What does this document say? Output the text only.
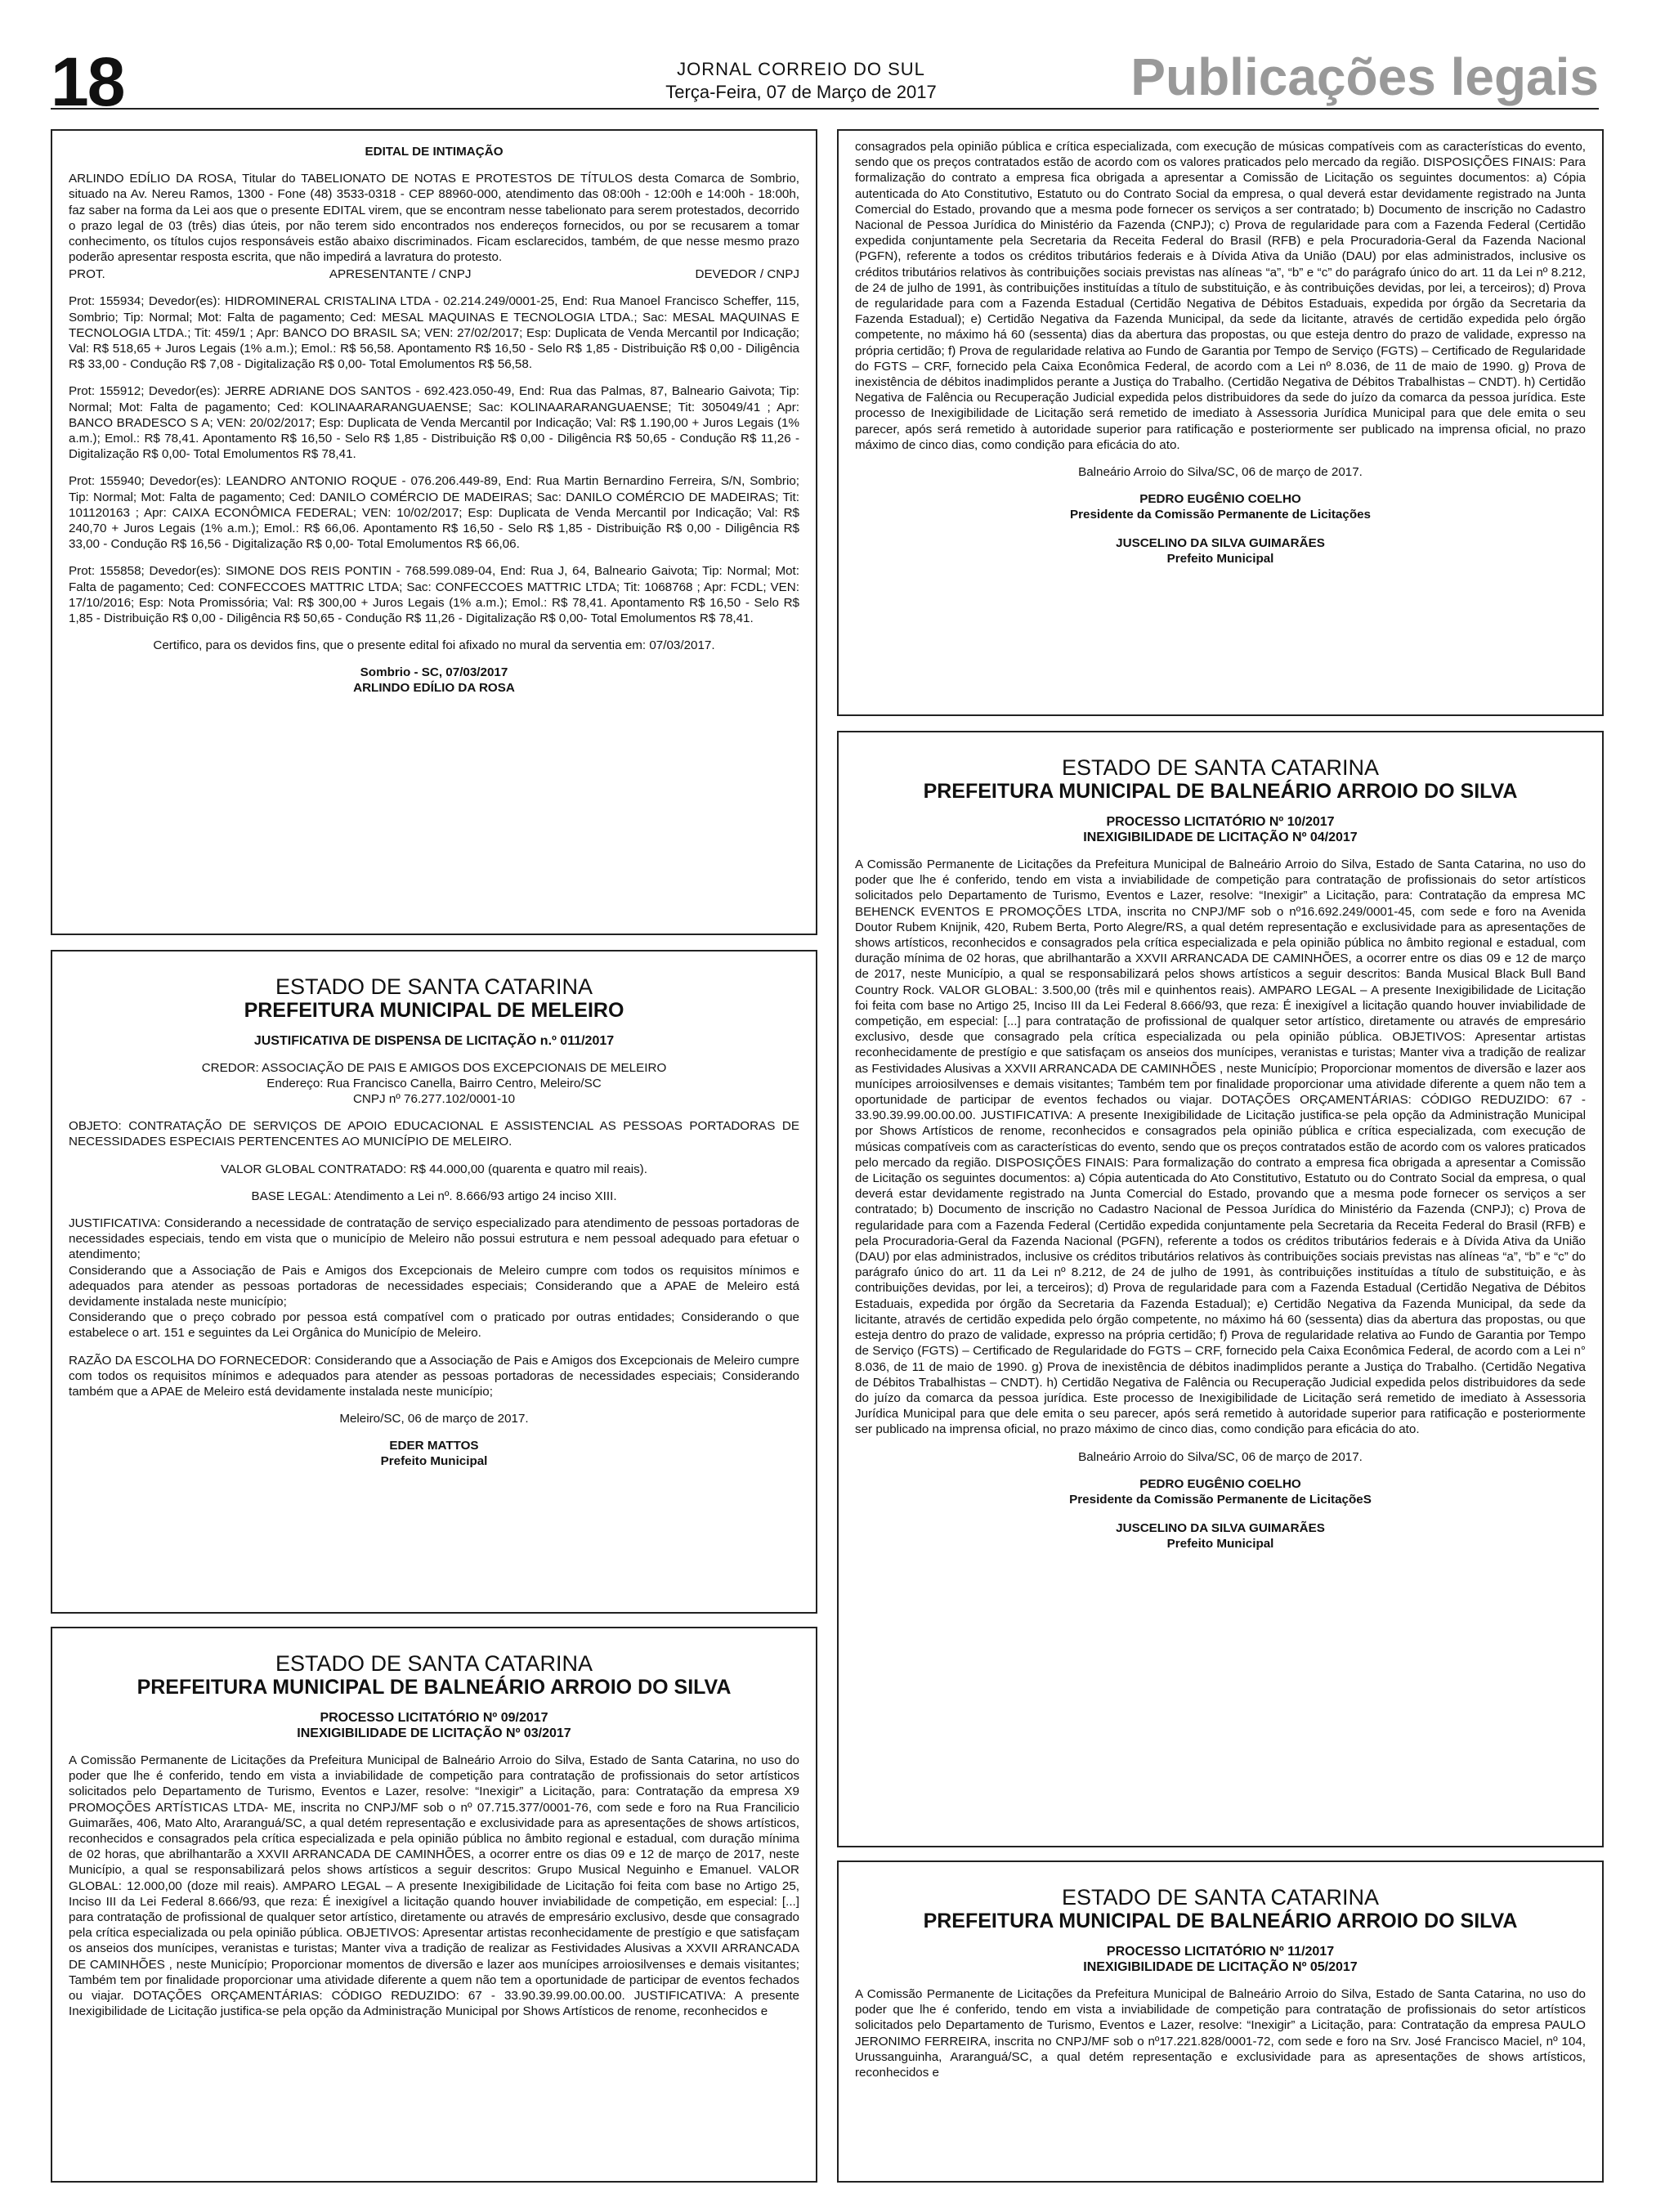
18	JORNAL CORREIO DO SUL
Terça-Feira, 07 de Março de 2017	Publicações legais

EDITAL DE INTIMAÇÃO

ARLINDO EDÍLIO DA ROSA, Titular do TABELIONATO DE NOTAS E PROTESTOS DE TÍTULOS desta Comarca de Sombrio, situado na Av. Nereu Ramos, 1300 - Fone (48) 3533-0318 - CEP 88960-000, atendimento das 08:00h - 12:00h e 14:00h - 18:00h, faz saber na forma da Lei aos que o presente EDITAL virem, que se encontram nesse tabelionato para serem protestados, decorrido o prazo legal de 03 (três) dias úteis, por não terem sido encontrados nos endereços fornecidos, ou por se recusarem a tomar conhecimento, os títulos cujos responsáveis estão abaixo discriminados. Ficam esclarecidos, também, de que nesse mesmo prazo poderão apresentar resposta escrita, que não impedirá a lavratura do protesto.

PROT.	APRESENTANTE / CNPJ	DEVEDOR / CNPJ

Prot: 155934; Devedor(es): HIDROMINERAL CRISTALINA LTDA - 02.214.249/0001-25, End: Rua Manoel Francisco Scheffer, 115, Sombrio; Tip: Normal; Mot: Falta de pagamento; Ced: MESAL MAQUINAS E TECNOLOGIA LTDA.; Sac: MESAL MAQUINAS E TECNOLOGIA LTDA.; Tit: 459/1 ; Apr: BANCO DO BRASIL SA; VEN: 27/02/2017; Esp: Duplicata de Venda Mercantil por Indicação; Val: R$ 518,65 + Juros Legais (1% a.m.); Emol.: R$ 56,58. Apontamento R$ 16,50 - Selo R$ 1,85 - Distribuição R$ 0,00 - Diligência R$ 33,00 - Condução R$ 7,08 - Digitalização R$ 0,00- Total Emolumentos R$ 56,58.

Prot: 155912; Devedor(es): JERRE ADRIANE DOS SANTOS - 692.423.050-49, End: Rua das Palmas, 87, Balneario Gaivota; Tip: Normal; Mot: Falta de pagamento; Ced: KOLINAARARANGUAENSE; Sac: KOLINAARARANGUAENSE; Tit: 305049/41 ; Apr: BANCO BRADESCO S A; VEN: 20/02/2017; Esp: Duplicata de Venda Mercantil por Indicação; Val: R$ 1.190,00 + Juros Legais (1% a.m.); Emol.: R$ 78,41. Apontamento R$ 16,50 - Selo R$ 1,85 - Distribuição R$ 0,00 - Diligência R$ 50,65 - Condução R$ 11,26 - Digitalização R$ 0,00- Total Emolumentos R$ 78,41.

Prot: 155940; Devedor(es): LEANDRO ANTONIO ROQUE - 076.206.449-89, End: Rua Martin Bernardino Ferreira, S/N, Sombrio; Tip: Normal; Mot: Falta de pagamento; Ced: DANILO COMÉRCIO DE MADEIRAS; Sac: DANILO COMÉRCIO DE MADEIRAS; Tit: 101120163 ; Apr: CAIXA ECONÔMICA FEDERAL; VEN: 10/02/2017; Esp: Duplicata de Venda Mercantil por Indicação; Val: R$ 240,70 + Juros Legais (1% a.m.); Emol.: R$ 66,06. Apontamento R$ 16,50 - Selo R$ 1,85 - Distribuição R$ 0,00 - Diligência R$ 33,00 - Condução R$ 16,56 - Digitalização R$ 0,00- Total Emolumentos R$ 66,06.

Prot: 155858; Devedor(es): SIMONE DOS REIS PONTIN - 768.599.089-04, End: Rua J, 64, Balneario Gaivota; Tip: Normal; Mot: Falta de pagamento; Ced: CONFECCOES MATTRIC LTDA; Sac: CONFECCOES MATTRIC LTDA; Tit: 1068768 ; Apr: FCDL; VEN: 17/10/2016; Esp: Nota Promissória; Val: R$ 300,00 + Juros Legais (1% a.m.); Emol.: R$ 78,41. Apontamento R$ 16,50 - Selo R$ 1,85 - Distribuição R$ 0,00 - Diligência R$ 50,65 - Condução R$ 11,26 - Digitalização R$ 0,00- Total Emolumentos R$ 78,41.

Certifico, para os devidos fins, que o presente edital foi afixado no mural da serventia em: 07/03/2017.

Sombrio - SC, 07/03/2017
ARLINDO EDÍLIO DA ROSA
ESTADO DE SANTA CATARINA
PREFEITURA MUNICIPAL DE MELEIRO
JUSTIFICATIVA DE DISPENSA DE LICITAÇÃO n.º 011/2017
CREDOR: ASSOCIAÇÃO DE PAIS E AMIGOS DOS EXCEPCIONAIS DE MELEIRO
Endereço: Rua Francisco Canella, Bairro Centro, Meleiro/SC

CNPJ nº 76.277.102/0001-10

OBJETO: CONTRATAÇÃO DE SERVIÇOS DE APOIO EDUCACIONAL E ASSISTENCIAL AS PESSOAS PORTADORAS DE NECESSIDADES ESPECIAIS PERTENCENTES AO MUNICÍPIO DE MELEIRO.

VALOR GLOBAL CONTRATADO: R$ 44.000,00 (quarenta e quatro mil reais).

BASE LEGAL: Atendimento a Lei nº. 8.666/93 artigo 24 inciso XIII.

JUSTIFICATIVA: Considerando a necessidade de contratação de serviço especializado para atendimento de pessoas portadoras de necessidades especiais, tendo em vista que o município de Meleiro não possui estrutura e nem pessoal adequado para efetuar o atendimento;

Considerando que a Associação de Pais e Amigos dos Excepcionais de Meleiro cumpre com todos os requisitos mínimos e adequados para atender as pessoas portadoras de necessidades especiais; Considerando que a APAE de Meleiro está devidamente instalada neste município;

Considerando que o preço cobrado por pessoa está compatível com o praticado por outras entidades; Considerando o que estabelece o art. 151 e seguintes da Lei Orgânica do Município de Meleiro.

RAZÃO DA ESCOLHA DO FORNECEDOR: Considerando que a Associação de Pais e Amigos dos Excepcionais de Meleiro cumpre com todos os requisitos mínimos e adequados para atender as pessoas portadoras de necessidades especiais; Considerando também que a APAE de Meleiro está devidamente instalada neste município;

Meleiro/SC, 06 de março de 2017.

EDER MATTOS
Prefeito Municipal
ESTADO DE SANTA CATARINA
PREFEITURA MUNICIPAL DE BALNEÁRIO ARROIO DO SILVA
PROCESSO LICITATÓRIO Nº 09/2017
INEXIGIBILIDADE DE LICITAÇÃO Nº 03/2017

A Comissão Permanente de Licitações da Prefeitura Municipal de Balneário Arroio do Silva, Estado de Santa Catarina, no uso do poder que lhe é conferido, tendo em vista a inviabilidade de competição para contratação de profissionais do setor artísticos solicitados pelo Departamento de Turismo, Eventos e Lazer, resolve: “Inexigir” a Licitação, para: Contratação da empresa X9 PROMOÇÕES ARTÍSTICAS LTDA- ME, inscrita no CNPJ/MF sob o nº 07.715.377/0001-76, com sede e foro na Rua Francilicio Guimarães, 406, Mato Alto, Araranguá/SC, a qual detém representação e exclusividade para as apresentações de shows artísticos, reconhecidos e consagrados pela crítica especializada e pela opinião pública no âmbito regional e estadual, com duração mínima de 02 horas, que abrilhantarão a XXVII ARRANCADA DE CAMINHÕES, a ocorrer entre os dias 09 e 12 de março de 2017, neste Município, a qual se responsabilizará pelos shows artísticos a seguir descritos: Grupo Musical Neguinho e Emanuel. VALOR GLOBAL: 12.000,00 (doze mil reais). AMPARO LEGAL – A presente Inexigibilidade de Licitação foi feita com base no Artigo 25, Inciso III da Lei Federal 8.666/93, que reza: É inexigível a licitação quando houver inviabilidade de competição, em especial: [...] para contratação de profissional de qualquer setor artístico, diretamente ou através de empresário exclusivo, desde que consagrado pela crítica especializada ou pela opinião pública. OBJETIVOS: Apresentar artistas reconhecidamente de prestígio e que satisfaçam os anseios dos munícipes, veranistas e turistas; Manter viva a tradição de realizar as Festividades Alusivas a XXVII ARRANCADA DE CAMINHÕES , neste Município; Proporcionar momentos de diversão e lazer aos munícipes arroiosilvenses e demais visitantes; Também tem por finalidade proporcionar uma atividade diferente a quem não tem a oportunidade de participar de eventos fechados ou viajar. DOTAÇÕES ORÇAMENTÁRIAS: CÓDIGO REDUZIDO: 67 - 33.90.39.99.00.00.00. JUSTIFICATIVA: A presente Inexigibilidade de Licitação justifica-se pela opção da Administração Municipal por Shows Artísticos de renome, reconhecidos e

consagrados pela opinião pública e crítica especializada, com execução de músicas compatíveis com as características do evento, sendo que os preços contratados estão de acordo com os valores praticados pelo mercado da região. DISPOSIÇÕES FINAIS: Para formalização do contrato a empresa fica obrigada a apresentar a Comissão de Licitação os seguintes documentos: a) Cópia autenticada do Ato Constitutivo, Estatuto ou do Contrato Social da empresa, o qual deverá estar devidamente registrado na Junta Comercial do Estado, provando que a mesma pode fornecer os serviços a ser contratado; b) Documento de inscrição no Cadastro Nacional de Pessoa Jurídica do Ministério da Fazenda (CNPJ); c) Prova de regularidade para com a Fazenda Federal (Certidão expedida conjuntamente pela Secretaria da Receita Federal do Brasil (RFB) e pela Procuradoria-Geral da Fazenda Nacional (PGFN), referente a todos os créditos tributários federais e à Dívida Ativa da União (DAU) por elas administrados, inclusive os créditos tributários relativos às contribuições sociais previstas nas alíneas “a”, “b” e “c” do parágrafo único do art. 11 da Lei nº 8.212, de 24 de julho de 1991, às contribuições instituídas a título de substituição, e às contribuições devidas, por lei, a terceiros); d) Prova de regularidade para com a Fazenda Estadual (Certidão Negativa de Débitos Estaduais, expedida por órgão da Secretaria da Fazenda Estadual); e) Certidão Negativa da Fazenda Municipal, da sede da licitante, através de certidão expedida pelo órgão competente, no máximo há 60 (sessenta) dias da abertura das propostas, ou que esteja dentro do prazo de validade, expresso na própria certidão; f) Prova de regularidade relativa ao Fundo de Garantia por Tempo de Serviço (FGTS) – Certificado de Regularidade do FGTS – CRF, fornecido pela Caixa Econômica Federal, de acordo com a Lei nº 8.036, de 11 de maio de 1990. g) Prova de inexistência de débitos inadimplidos perante a Justiça do Trabalho. (Certidão Negativa de Débitos Trabalhistas – CNDT). h) Certidão Negativa de Falência ou Recuperação Judicial expedida pelos distribuidores da sede do juízo da comarca da pessoa jurídica. Este processo de Inexigibilidade de Licitação será remetido de imediato à Assessoria Jurídica Municipal para que dele emita o seu parecer, após será remetido à autoridade superior para ratificação e posteriormente ser publicado na imprensa oficial, no prazo máximo de cinco dias, como condição para eficácia do ato.

Balneário Arroio do Silva/SC, 06 de março de 2017.

PEDRO EUGÊNIO COELHO
Presidente da Comissão Permanente de Licitações
JUSCELINO DA SILVA GUIMARÃES
Prefeito Municipal
ESTADO DE SANTA CATARINA
PREFEITURA MUNICIPAL DE BALNEÁRIO ARROIO DO SILVA
PROCESSO LICITATÓRIO Nº 10/2017
INEXIGIBILIDADE DE LICITAÇÃO Nº 04/2017

A Comissão Permanente de Licitações da Prefeitura Municipal de Balneário Arroio do Silva, Estado de Santa Catarina, no uso do poder que lhe é conferido, tendo em vista a inviabilidade de competição para contratação de profissionais do setor artísticos solicitados pelo Departamento de Turismo, Eventos e Lazer, resolve: “Inexigir” a Licitação, para: Contratação da empresa MC BEHENCK EVENTOS E PROMOÇÕES LTDA, inscrita no CNPJ/MF sob o nº16.692.249/0001-45, com sede e foro na Avenida Doutor Rubem Knijnik, 420, Rubem Berta, Porto Alegre/RS, a qual detém representação e exclusividade para as apresentações de shows artísticos, reconhecidos e consagrados pela crítica especializada e pela opinião pública no âmbito regional e estadual, com duração mínima de 02 horas, que abrilhantarão a XXVII ARRANCADA DE CAMINHÕES, a ocorrer entre os dias 09 e 12 de março de 2017, neste Município, a qual se responsabilizará pelos shows artísticos a seguir descritos: Banda Musical Black Bull Band Country Rock. VALOR GLOBAL: 3.500,00 (três mil e quinhentos reais). AMPARO LEGAL – A presente Inexigibilidade de Licitação foi feita com base no Artigo 25, Inciso III da Lei Federal 8.666/93, que reza: É inexigível a licitação quando houver inviabilidade de competição, em especial: [...] para contratação de profissional de qualquer setor artístico, diretamente ou através de empresário exclusivo, desde que consagrado pela crítica especializada ou pela opinião pública. OBJETIVOS: Apresentar artistas reconhecidamente de prestígio e que satisfaçam os anseios dos munícipes, veranistas e turistas; Manter viva a tradição de realizar as Festividades Alusivas a XXVII ARRANCADA DE CAMINHÕES , neste Município; Proporcionar momentos de diversão e lazer aos munícipes arroiosilvenses e demais visitantes; Também tem por finalidade proporcionar uma atividade diferente a quem não tem a oportunidade de participar de eventos fechados ou viajar. DOTAÇÕES ORÇAMENTÁRIAS: CÓDIGO REDUZIDO: 67 - 33.90.39.99.00.00.00. JUSTIFICATIVA: A presente Inexigibilidade de Licitação justifica-se pela opção da Administração Municipal por Shows Artísticos de renome, reconhecidos e consagrados pela opinião pública e crítica especializada, com execução de músicas compatíveis com as características do evento, sendo que os preços contratados estão de acordo com os valores praticados pelo mercado da região. DISPOSIÇÕES FINAIS: Para formalização do contrato a empresa fica obrigada a apresentar a Comissão de Licitação os seguintes documentos: a) Cópia autenticada do Ato Constitutivo, Estatuto ou do Contrato Social da empresa, o qual deverá estar devidamente registrado na Junta Comercial do Estado, provando que a mesma pode fornecer os serviços a ser contratado; b) Documento de inscrição no Cadastro Nacional de Pessoa Jurídica do Ministério da Fazenda (CNPJ); c) Prova de regularidade para com a Fazenda Federal (Certidão expedida conjuntamente pela Secretaria da Receita Federal do Brasil (RFB) e pela Procuradoria-Geral da Fazenda Nacional (PGFN), referente a todos os créditos tributários federais e à Dívida Ativa da União (DAU) por elas administrados, inclusive os créditos tributários relativos às contribuições sociais previstas nas alíneas “a”, “b” e “c” do parágrafo único do art. 11 da Lei nº 8.212, de 24 de julho de 1991, às contribuições instituídas a título de substituição, e às contribuições devidas, por lei, a terceiros); d) Prova de regularidade para com a Fazenda Estadual (Certidão Negativa de Débitos Estaduais, expedida por órgão da Secretaria da Fazenda Estadual); e) Certidão Negativa da Fazenda Municipal, da sede da licitante, através de certidão expedida pelo órgão competente, no máximo há 60 (sessenta) dias da abertura das propostas, ou que esteja dentro do prazo de validade, expresso na própria certidão; f) Prova de regularidade relativa ao Fundo de Garantia por Tempo de Serviço (FGTS) – Certificado de Regularidade do FGTS – CRF, fornecido pela Caixa Econômica Federal, de acordo com a Lei n° 8.036, de 11 de maio de 1990. g) Prova de inexistência de débitos inadimplidos perante a Justiça do Trabalho. (Certidão Negativa de Débitos Trabalhistas – CNDT). h) Certidão Negativa de Falência ou Recuperação Judicial expedida pelos distribuidores da sede do juízo da comarca da pessoa jurídica. Este processo de Inexigibilidade de Licitação será remetido de imediato à Assessoria Jurídica Municipal para que dele emita o seu parecer, após será remetido à autoridade superior para ratificação e posteriormente ser publicado na imprensa oficial, no prazo máximo de cinco dias, como condição para eficácia do ato.

Balneário Arroio do Silva/SC, 06 de março de 2017.

PEDRO EUGÊNIO COELHO
Presidente da Comissão Permanente de LicitaçõeS
JUSCELINO DA SILVA GUIMARÃES
Prefeito Municipal
ESTADO DE SANTA CATARINA
PREFEITURA MUNICIPAL DE BALNEÁRIO ARROIO DO SILVA
PROCESSO LICITATÓRIO Nº 11/2017
INEXIGIBILIDADE DE LICITAÇÃO Nº 05/2017

A Comissão Permanente de Licitações da Prefeitura Municipal de Balneário Arroio do Silva, Estado de Santa Catarina, no uso do poder que lhe é conferido, tendo em vista a inviabilidade de competição para contratação de profissionais do setor artísticos solicitados pelo Departamento de Turismo, Eventos e Lazer, resolve: “Inexigir” a Licitação, para: Contratação da empresa PAULO JERONIMO FERREIRA, inscrita no CNPJ/MF sob o nº17.221.828/0001-72, com sede e foro na Srv. José Francisco Maciel, nº 104, Urussanguinha, Araranguá/SC, a qual detém representação e exclusividade para as apresentações de shows artísticos, reconhecidos e
